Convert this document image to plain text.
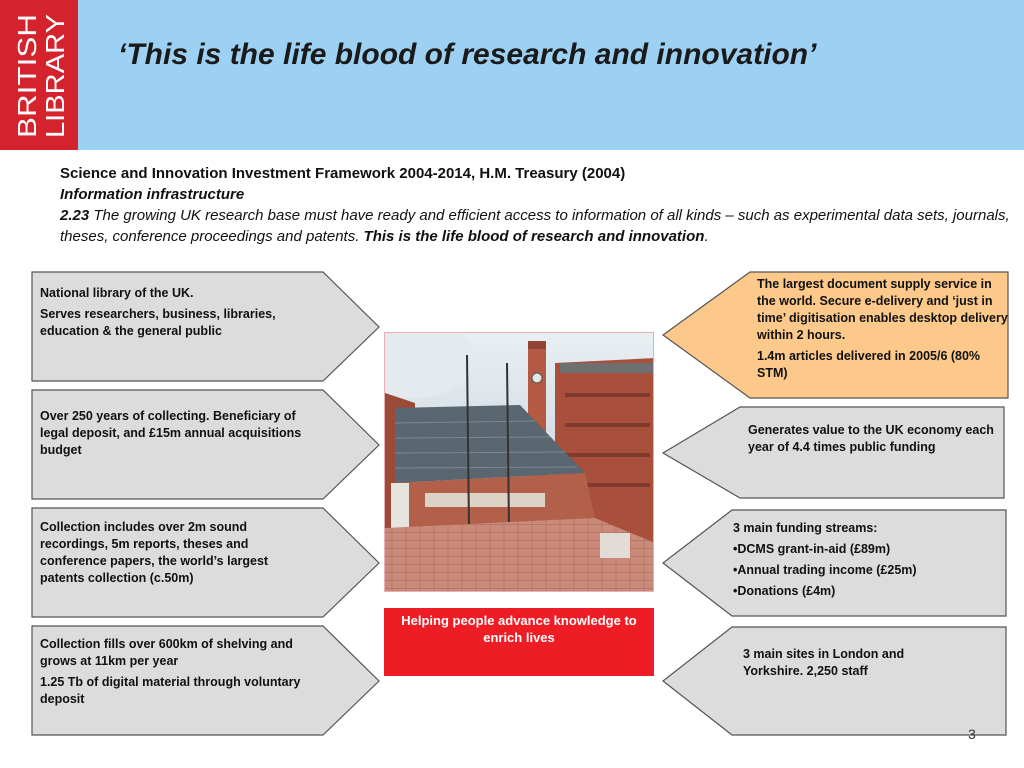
BRITISH
LIBRARY ‘This is the life blood of research and innovation’
Science and Innovation Investment Framework 2004-2014, H.M. Treasury (2004)
Information infrastructure
2.23 The growing UK research base must have ready and efficient access to information of all kinds – such as experimental data sets, journals, theses, conference proceedings and patents. This is the life blood of research and innovation.

National library of the UK.

Serves researchers, business, libraries, education & the general public

Over 250 years of collecting. Beneficiary of legal deposit, and £15m annual acquisitions budget

Collection includes over 2m sound recordings, 5m reports, theses and conference papers, the world’s largest patents collection (c.50m)

Collection fills over 600km of shelving and grows at 11km per year

1.25 Tb of digital material through voluntary deposit

The largest document supply service in the world. Secure e-delivery and ‘just in time’ digitisation enables desktop delivery within 2 hours.

1.4m articles delivered in 2005/6 (80% STM)

Generates value to the UK economy each year of 4.4 times public funding

3 main funding streams:

•DCMS grant-in-aid (£89m)

•Annual trading income (£25m)

•Donations (£4m)

3 main sites in London and Yorkshire. 2,250 staff

Helping people advance knowledge to enrich lives
3
